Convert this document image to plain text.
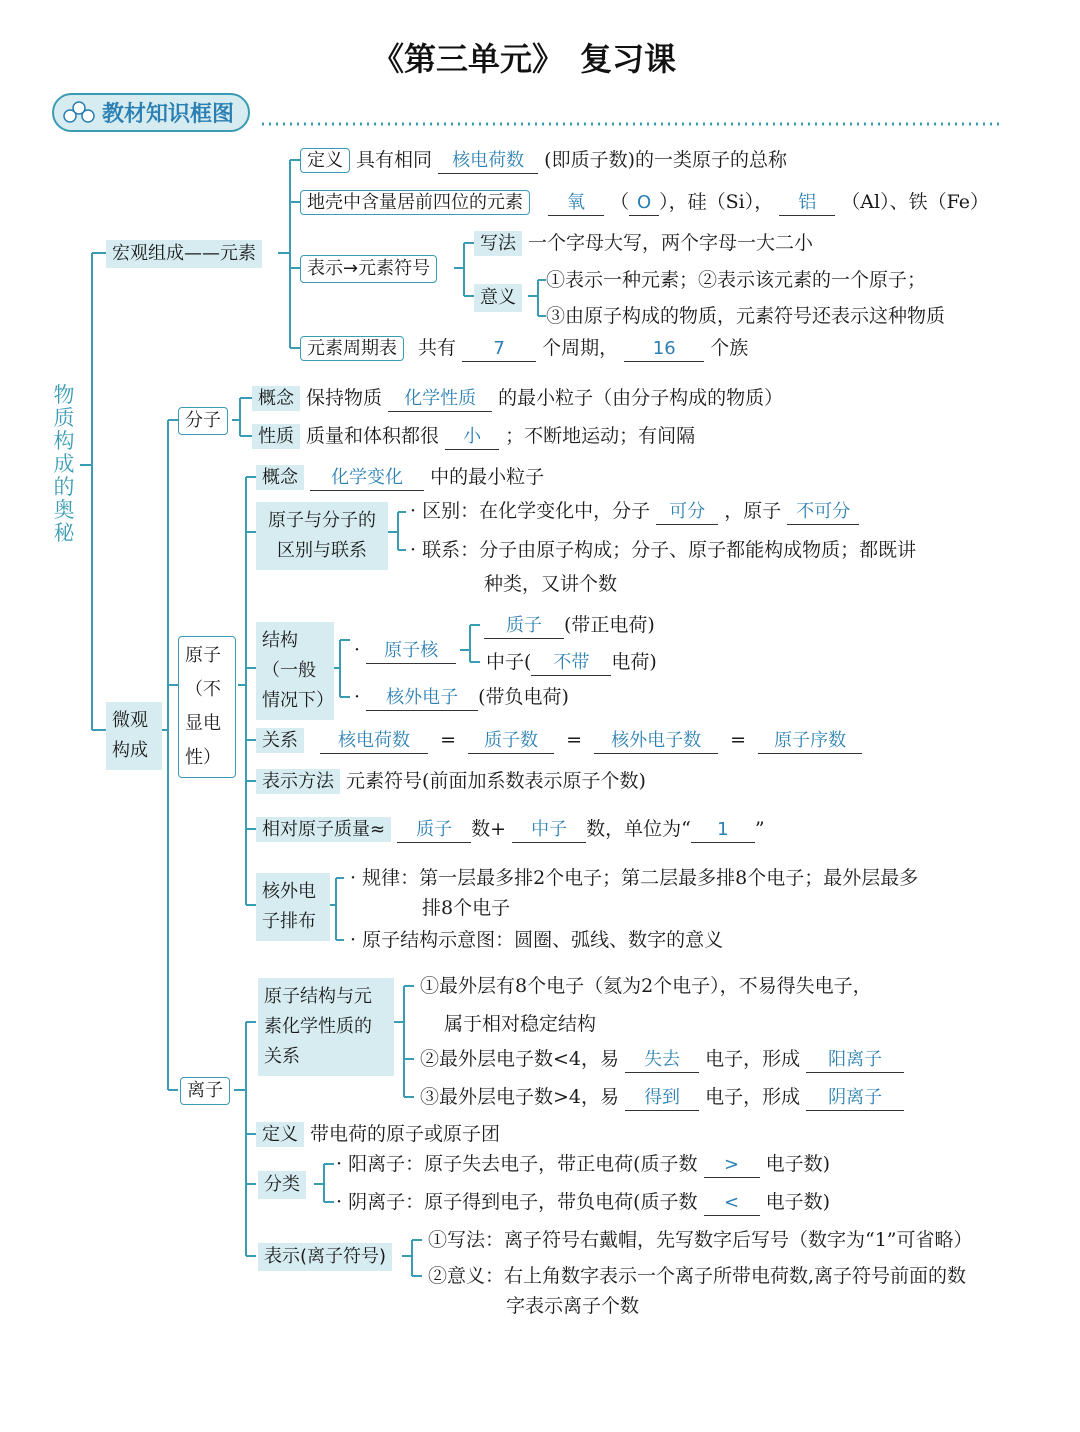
《第三单元》　复习课
教材知识框图
物质构成的奥秘
宏观组成——元素
定义 具有相同 核电荷数 (即质子数)的一类原子的总称
地壳中含量居前四位的元素 氧 （ O ），硅（Si）， 铝 （Al）、铁（Fe）
表示→元素符号
写法 一个字母大写，两个字母一大二小
意义
①表示一种元素；②表示该元素的一个原子；
③由原子构成的物质，元素符号还表示这种物质
元素周期表 共有 7 个周期， 16 个族
微观构成
分子
概念 保持物质 化学性质 的最小粒子（由分子构成的物质）
性质 质量和体积都很 小 ；不断地运动；有间隔
原子（不显电性）
概念 化学变化 中的最小粒子
原子与分子的区别与联系
· 区别：在化学变化中，分子 可分 ，原子 不可分
· 联系：分子由原子构成；分子、原子都能构成物质；都既讲
种类，又讲个数
结构（一般情况下）
· 原子核
质子 (带正电荷)
中子( 不带 电荷)
· 核外电子 (带负电荷)
关系 核电荷数 = 质子数 = 核外电子数 = 原子序数
表示方法 元素符号(前面加系数表示原子个数)
相对原子质量≈ 质子 数+ 中子 数，单位为“ 1 ”
核外电子排布
· 规律：第一层最多排2个电子；第二层最多排8个电子；最外层最多
排8个电子
· 原子结构示意图：圆圈、弧线、数字的意义
离子
原子结构与元素化学性质的关系
①最外层有8个电子（氦为2个电子），不易得失电子，
属于相对稳定结构
②最外层电子数<4，易 失去 电子，形成 阳离子
③最外层电子数>4，易 得到 电子，形成 阴离子
定义 带电荷的原子或原子团
分类
· 阳离子：原子失去电子，带正电荷(质子数 > 电子数)
· 阴离子：原子得到电子，带负电荷(质子数 < 电子数)
表示(离子符号)
①写法：离子符号右戴帽，先写数字后写号（数字为“1”可省略）
②意义：右上角数字表示一个离子所带电荷数,离子符号前面的数
字表示离子个数
